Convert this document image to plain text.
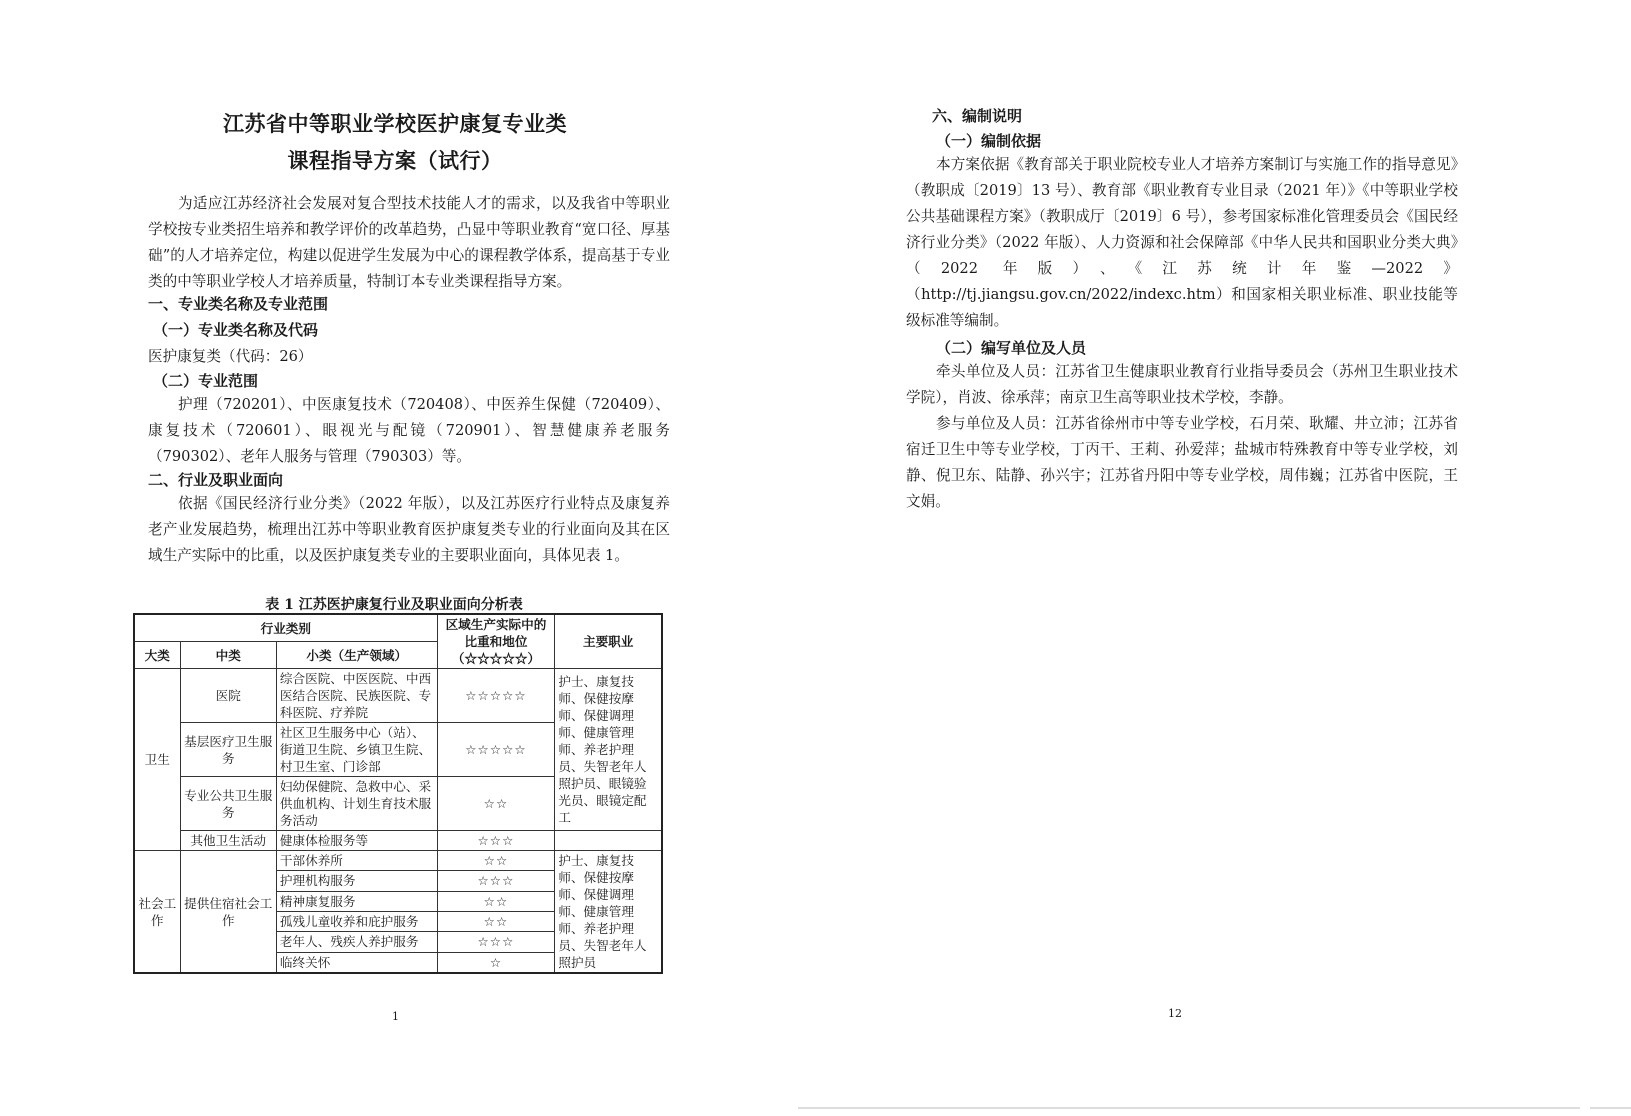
江苏省中等职业学校医护康复专业类
课程指导方案（试行）
为适应江苏经济社会发展对复合型技术技能人才的需求，以及我省中等职业学校按专业类招生培养和教学评价的改革趋势，凸显中等职业教育“宽口径、厚基础”的人才培养定位，构建以促进学生发展为中心的课程教学体系，提高基于专业类的中等职业学校人才培养质量，特制订本专业类课程指导方案。
一、专业类名称及专业范围
（一）专业类名称及代码
医护康复类（代码：26）
（二）专业范围
护理（720201）、中医康复技术（720408）、中医养生保健（720409）、康复技术（720601）、眼视光与配镜（720901）、智慧健康养老服务（790302）、老年人服务与管理（790303）等。
二、行业及职业面向
依据《国民经济行业分类》（2022 年版），以及江苏医疗行业特点及康复养老产业发展趋势，梳理出江苏中等职业教育医护康复类专业的行业面向及其在区域生产实际中的比重，以及医护康复类专业的主要职业面向，具体见表 1。
表 1 江苏医护康复行业及职业面向分析表
行业类别			区域生产实际中的比重和地位（☆☆☆☆☆）	主要职业
大类	中类	小类（生产领域）		
卫生	医院	综合医院、中医医院、中西医结合医院、民族医院、专科医院、疗养院	☆☆☆☆☆	护士、康复技师、保健按摩师、保健调理师、健康管理师、养老护理员、失智老年人照护员、眼镜验光员、眼镜定配工
	基层医疗卫生服务	社区卫生服务中心（站）、街道卫生院、乡镇卫生院、村卫生室、门诊部	☆☆☆☆☆	
	专业公共卫生服务	妇幼保健院、急救中心、采供血机构、计划生育技术服务活动	☆☆	
	其他卫生活动	健康体检服务等	☆☆☆	
社会工作	提供住宿社会工作	干部休养所	☆☆	护士、康复技师、保健按摩师、保健调理师、健康管理师、养老护理员、失智老年人照护员
		护理机构服务	☆☆☆	
		精神康复服务	☆☆	
		孤残儿童收养和庇护服务	☆☆	
		老年人、残疾人养护服务	☆☆☆	
		临终关怀	☆	
1
六、编制说明
（一）编制依据
本方案依据《教育部关于职业院校专业人才培养方案制订与实施工作的指导意见》（教职成〔2019〕13 号）、教育部《职业教育专业目录（2021 年）》《中等职业学校公共基础课程方案》（教职成厅〔2019〕6 号），参考国家标准化管理委员会《国民经济行业分类》（2022 年版）、人力资源和社会保障部《中华人民共和国职业分类大典》（2022 年版）、《江苏统计年鉴—2022》（http://tj.jiangsu.gov.cn/2022/indexc.htm）和国家相关职业标准、职业技能等级标准等编制。
（二）编写单位及人员
牵头单位及人员：江苏省卫生健康职业教育行业指导委员会（苏州卫生职业技术学院），肖波、徐承萍；南京卫生高等职业技术学校，李静。
参与单位及人员：江苏省徐州市中等专业学校，石月荣、耿耀、井立沛；江苏省宿迁卫生中等专业学校，丁丙干、王莉、孙爱萍；盐城市特殊教育中等专业学校，刘静、倪卫东、陆静、孙兴宇；江苏省丹阳中等专业学校，周伟巍；江苏省中医院，王文娟。
12
